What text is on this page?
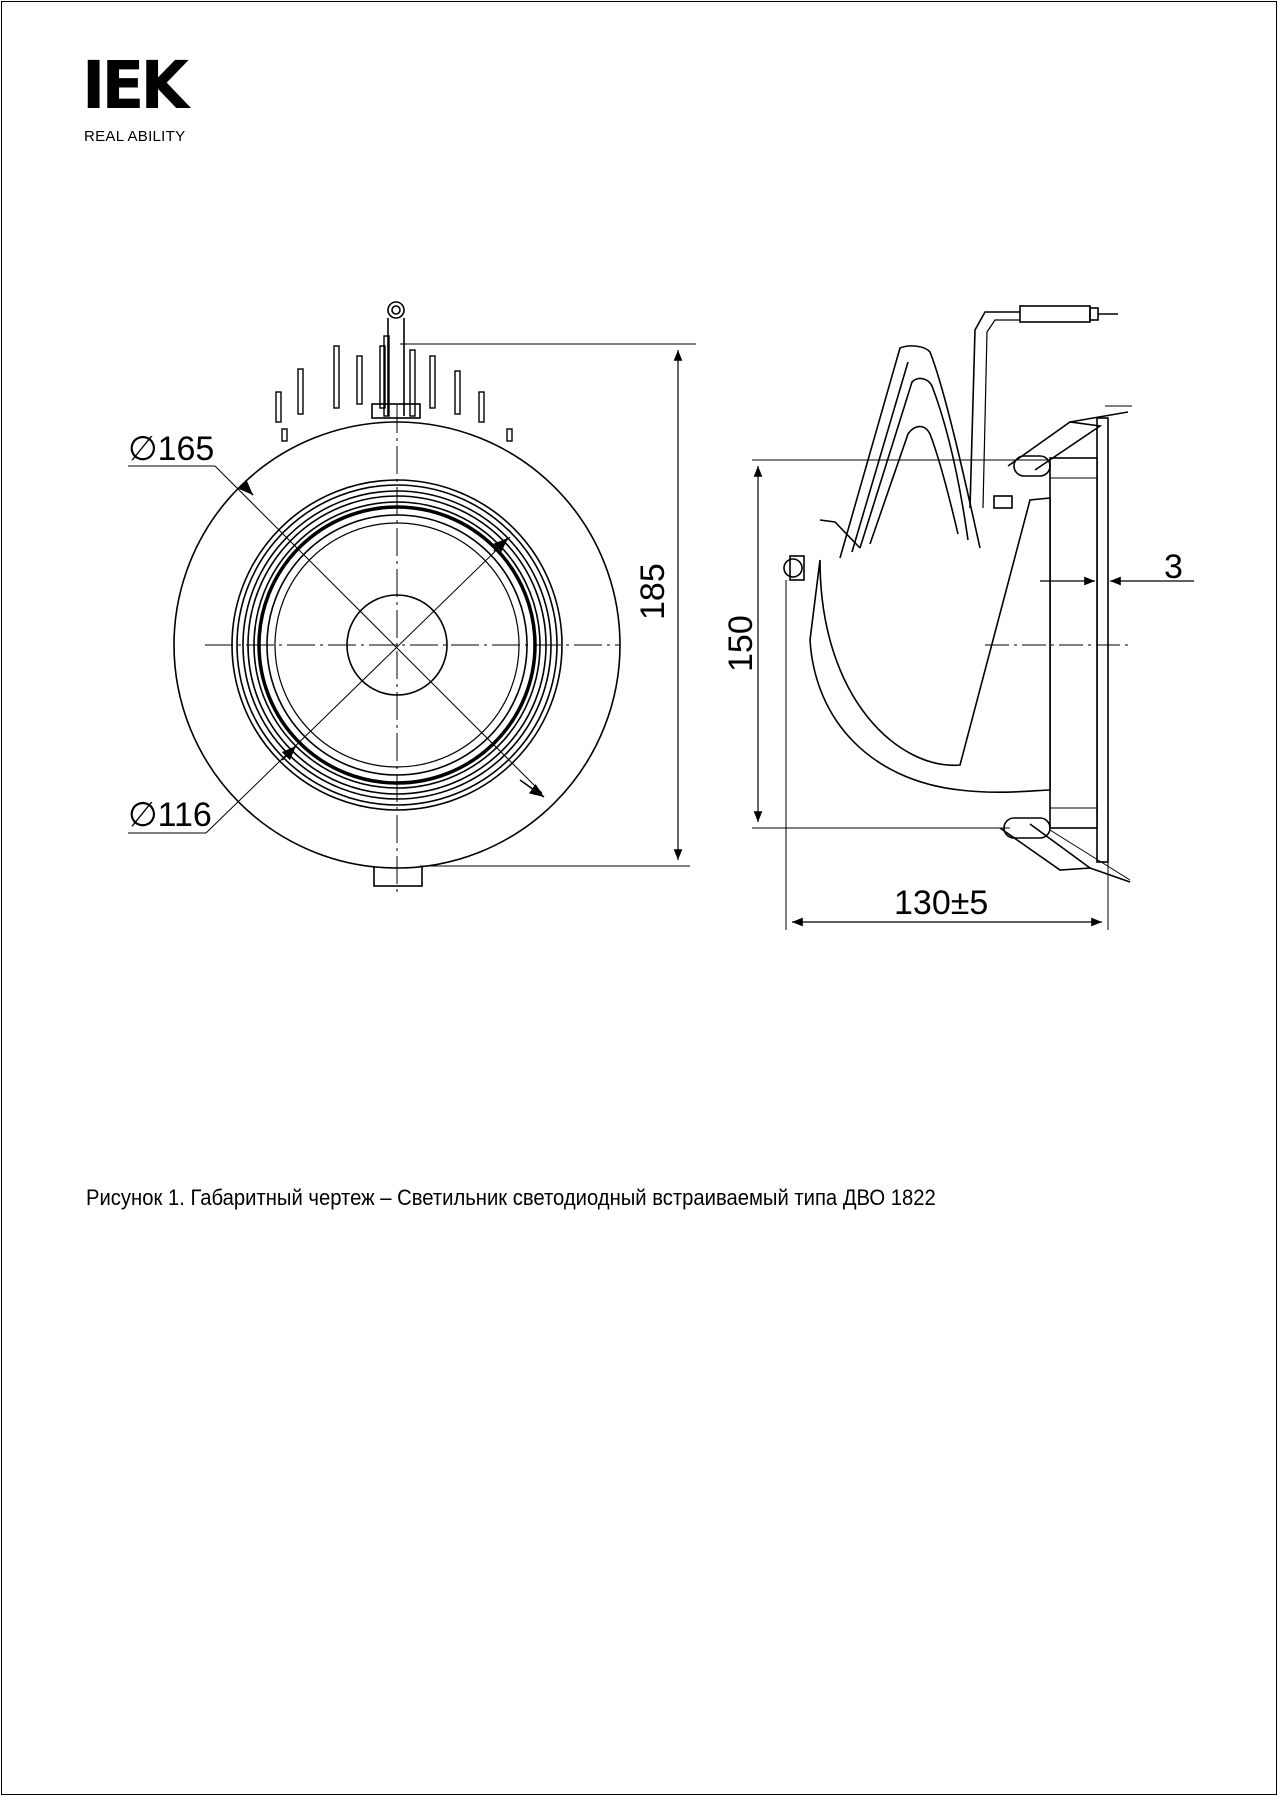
IEK
REAL ABILITY
∅165
∅116
185
150
3
130±5
Рисунок 1. Габаритный чертеж – Светильник светодиодный встраиваемый типа ДВО 1822
